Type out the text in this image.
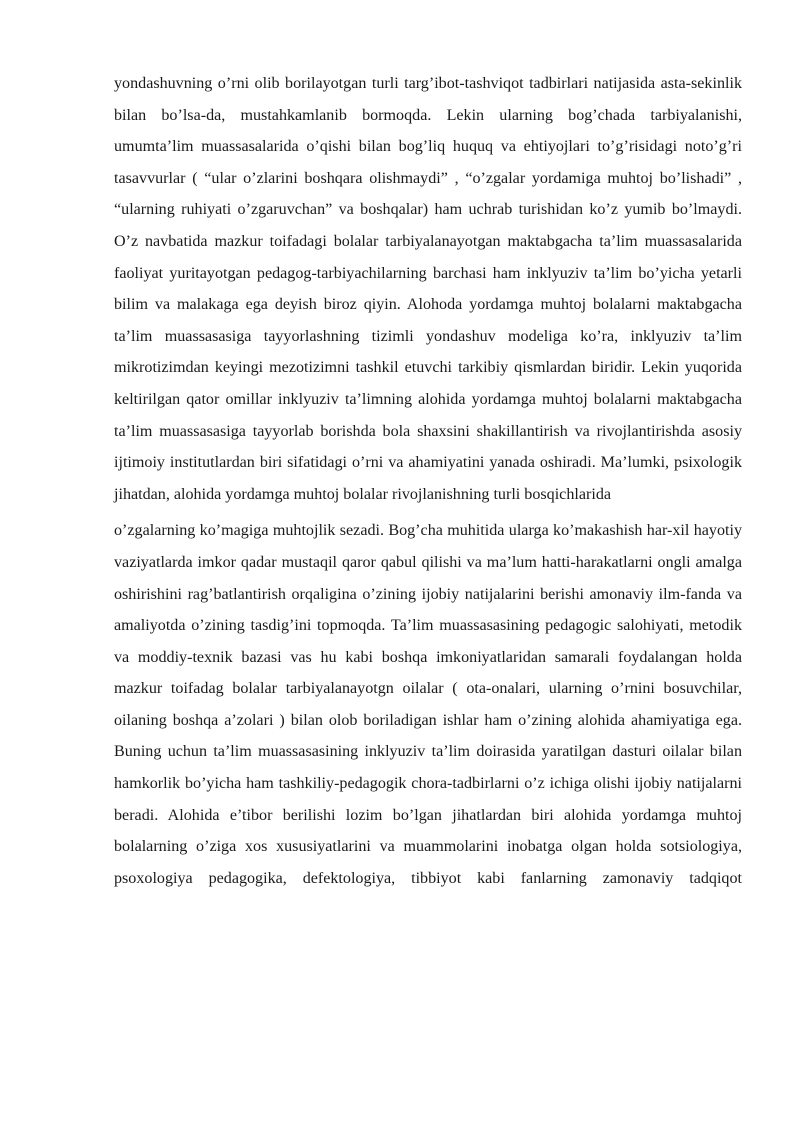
yondashuvning o’rni olib borilayotgan turli targ’ibot-tashviqot tadbirlari natijasida asta-sekinlik bilan bo’lsa-da, mustahkamlanib bormoqda. Lekin ularning bog’chada tarbiyalanishi, umumta’lim muassasalarida o’qishi bilan bog’liq huquq va ehtiyojlari to’g’risidagi noto’g’ri tasavvurlar ( “ular o’zlarini boshqara olishmaydi” , “o’zgalar yordamiga muhtoj bo’lishadi” , “ularning ruhiyati o’zgaruvchan” va boshqalar) ham uchrab turishidan ko’z yumib bo’lmaydi. O’z navbatida mazkur toifadagi bolalar tarbiyalanayotgan maktabgacha ta’lim muassasalarida faoliyat yuritayotgan pedagog-tarbiyachilarning barchasi ham inklyuziv ta’lim bo’yicha yetarli bilim va malakaga ega deyish biroz qiyin. Alohoda yordamga muhtoj bolalarni maktabgacha ta’lim muassasasiga tayyorlashning tizimli yondashuv modeliga ko’ra, inklyuziv ta’lim mikrotizimdan keyingi mezotizimni tashkil etuvchi tarkibiy qismlardan biridir. Lekin yuqorida keltirilgan qator omillar inklyuziv ta’limning alohida yordamga muhtoj bolalarni maktabgacha ta’lim muassasasiga tayyorlab borishda bola shaxsini shakillantirish va rivojlantirishda asosiy ijtimoiy institutlardan biri sifatidagi o’rni va ahamiyatini yanada oshiradi. Ma’lumki, psixologik jihatdan, alohida yordamga muhtoj bolalar rivojlanishning turli bosqichlarida

o’zgalarning ko’magiga muhtojlik sezadi. Bog’cha muhitida ularga ko’makashish har-xil hayotiy vaziyatlarda imkor qadar mustaqil qaror qabul qilishi va ma’lum hatti-harakatlarni ongli amalga oshirishini rag’batlantirish orqaligina o’zining ijobiy natijalarini berishi amonaviy ilm-fanda va amaliyotda o’zining tasdig’ini topmoqda. Ta’lim muassasasining pedagogic salohiyati, metodik va moddiy-texnik bazasi vas hu kabi boshqa imkoniyatlaridan samarali foydalangan holda mazkur toifadag bolalar tarbiyalanayotgn oilalar ( ota-onalari, ularning o’rnini bosuvchilar, oilaning boshqa a’zolari ) bilan olob boriladigan ishlar ham o’zining alohida ahamiyatiga ega. Buning uchun ta’lim muassasasining inklyuziv ta’lim doirasida yaratilgan dasturi oilalar bilan hamkorlik bo’yicha ham tashkiliy-pedagogik chora-tadbirlarni o’z ichiga olishi ijobiy natijalarni beradi. Alohida e’tibor berilishi lozim bo’lgan jihatlardan biri alohida yordamga muhtoj bolalarning o’ziga xos xususiyatlarini va muammolarini inobatga olgan holda sotsiologiya, psoxologiya pedagogika, defektologiya, tibbiyot kabi fanlarning zamonaviy tadqiqot
